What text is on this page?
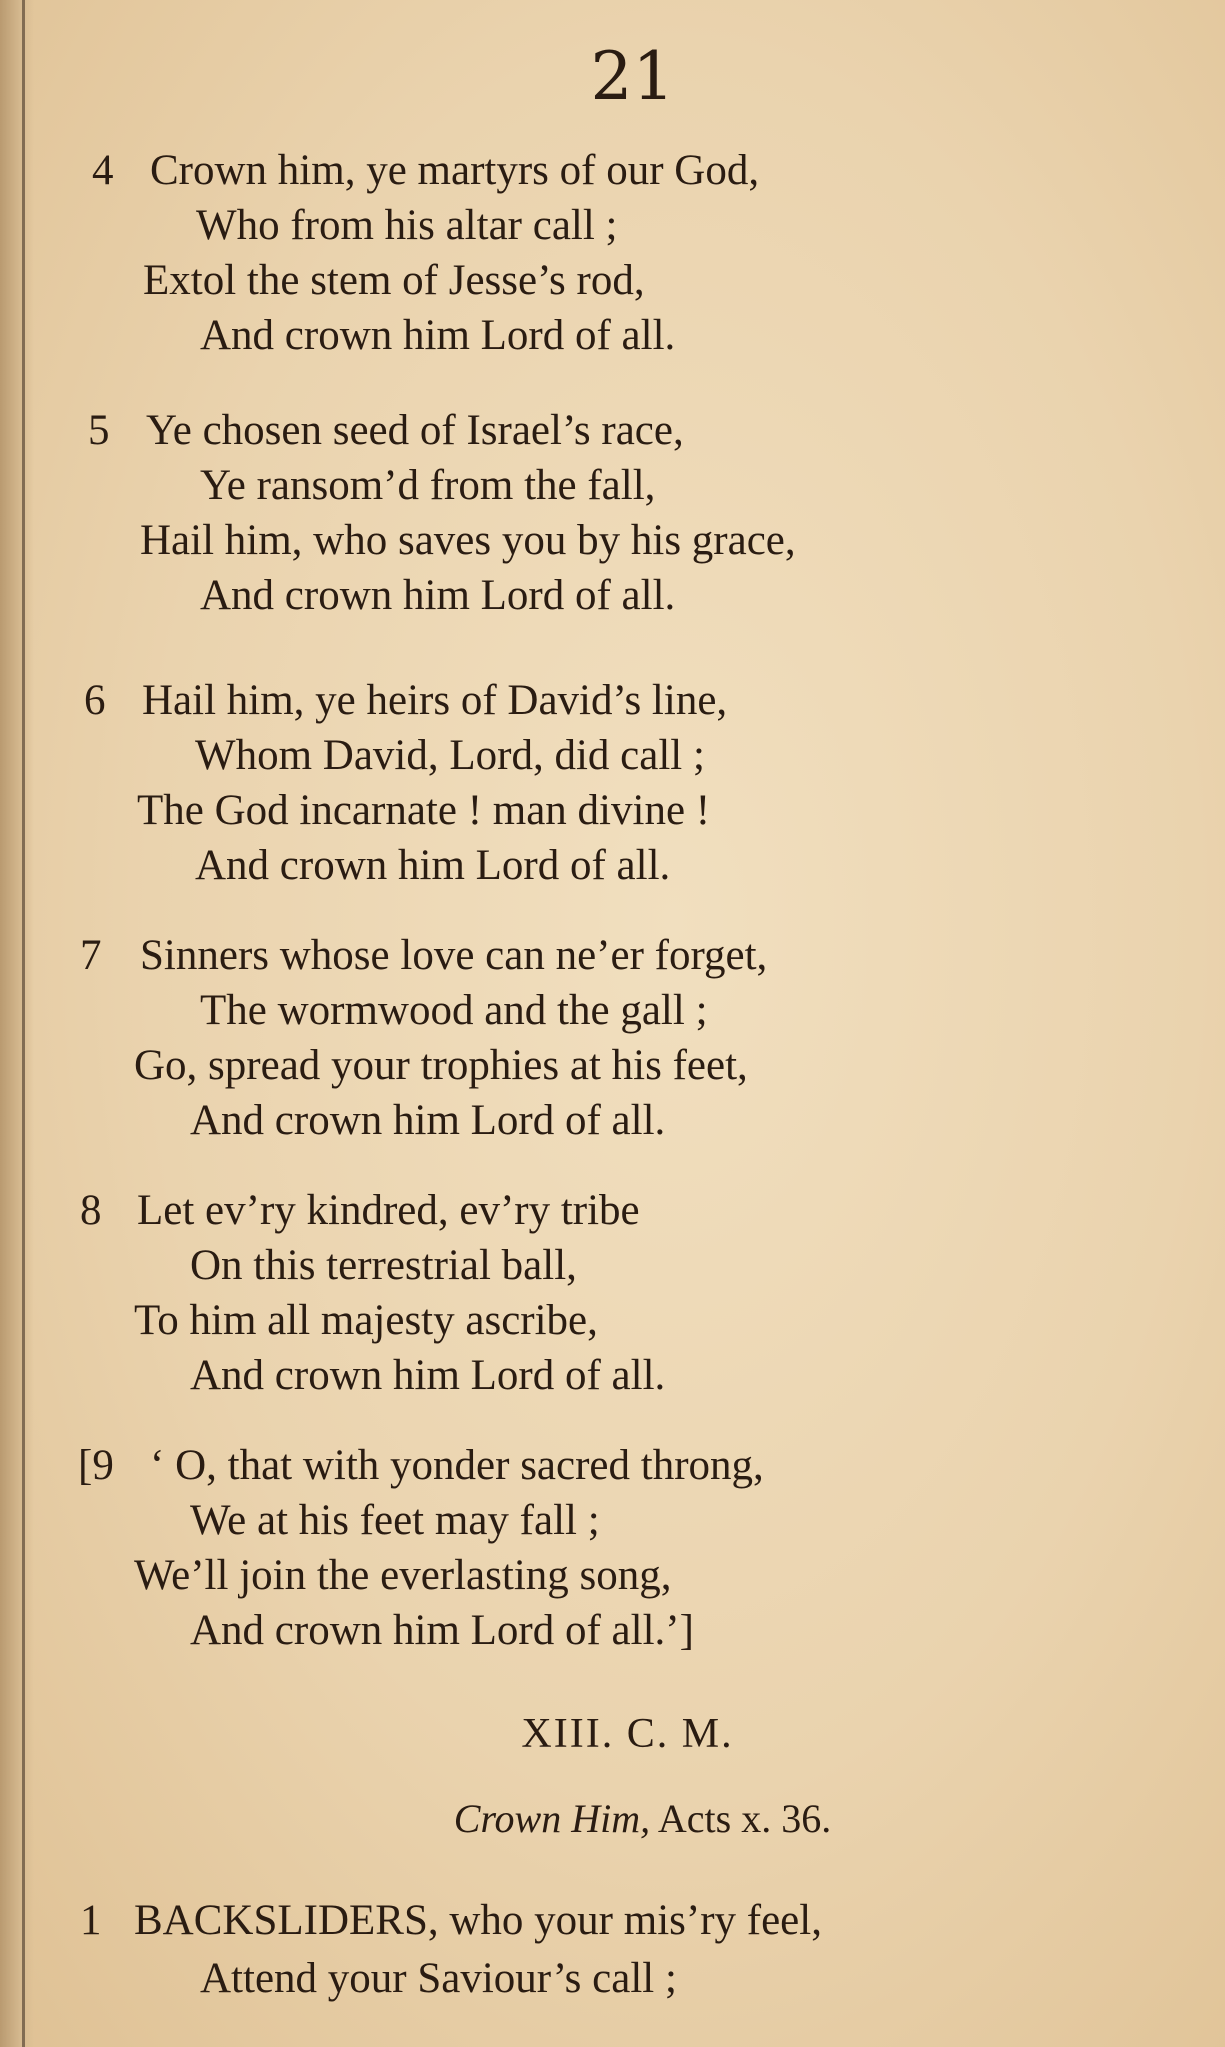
21
4 Crown him, ye martyrs of our God,
Who from his altar call ;
Extol the stem of Jesse’s rod,
And crown him Lord of all.
5 Ye chosen seed of Israel’s race,
Ye ransom’d from the fall,
Hail him, who saves you by his grace,
And crown him Lord of all.
6 Hail him, ye heirs of David’s line,
Whom David, Lord, did call ;
The God incarnate ! man divine !
And crown him Lord of all.
7 Sinners whose love can ne’er forget,
The wormwood and the gall ;
Go, spread your trophies at his feet,
And crown him Lord of all.
8 Let ev’ry kindred, ev’ry tribe
On this terrestrial ball,
To him all majesty ascribe,
And crown him Lord of all.
[9 ‘ O, that with yonder sacred throng,
We at his feet may fall ;
We’ll join the everlasting song,
And crown him Lord of all.’]
XIII. C. M.
Crown Him, Acts x. 36.
1 BACKSLIDERS, who your mis’ry feel,
Attend your Saviour’s call ;
